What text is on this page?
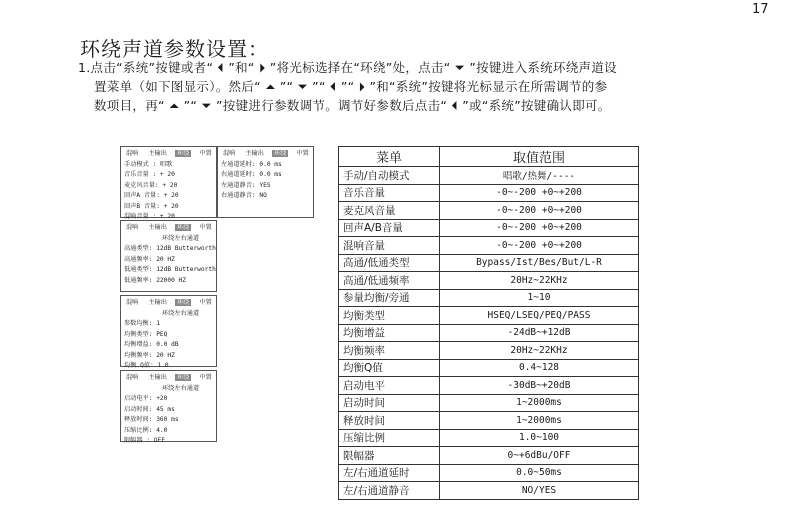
17
环绕声道参数设置：
1.点击“系统”按键或者“ ⏴ ”和“ ⏵ ”将光标选择在“环绕”处，点击“ ⏷ ”按键进入系统环绕声道设
置菜单（如下图显示）。然后“ ⏶ ”“ ⏷ ”“ ⏴ ”“ ⏵ ”和“系统”按键将光标显示在所需调节的参
数项目，再“ ⏶ ”“ ⏷ ”按键进行参数调节。调节好参数后点击“ ⏴ ”或“系统”按键确认即可。
混响 主输出 环绕 中置
手动模式 : 唱歌
音乐音量 : + 20
麦克风音量: + 20
回声A 音量: + 20
回声B 音量: + 20
混响音量 : + 20
混响 主输出 环绕 中置
左通道延时: 0.0 ms
右通道延时: 0.0 ms
左通道静音: YES
右通道静音: NO
混响 主输出 环绕 中置
环绕左右通道
高通类型: 12dB Butterworth
高通频率: 20 HZ
低通类型: 12dB Butterworth
低通频率: 22000 HZ
混响 主输出 环绕 中置
环绕左右通道
参数均衡: 1
均衡类型: PEQ
均衡增益: 0.0 dB
均衡频率: 20 HZ
均衡 Q值: 1.0
混响 主输出 环绕 中置
环绕左右通道
启动电平: +20
启动时间: 45 ms
释放时间: 360 ms
压缩比例: 4.0
限幅器 : OFF
菜单	取值范围
手动/自动模式	唱歌/热舞/----
音乐音量	-0~-200 +0~+200
麦克风音量	-0~-200 +0~+200
回声A/B音量	-0~-200 +0~+200
混响音量	-0~-200 +0~+200
高通/低通类型	Bypass/Ist/Bes/But/L-R
高通/低通频率	20Hz~22KHz
参量均衡/旁通	1~10
均衡类型	HSEQ/LSEQ/PEQ/PASS
均衡增益	-24dB~+12dB
均衡频率	20Hz~22KHz
均衡Q值	0.4~128
启动电平	-30dB~+20dB
启动时间	1~2000ms
释放时间	1~2000ms
压缩比例	1.0~100
限幅器	0~+6dBu/OFF
左/右通道延时	0.0~50ms
左/右通道静音	NO/YES
